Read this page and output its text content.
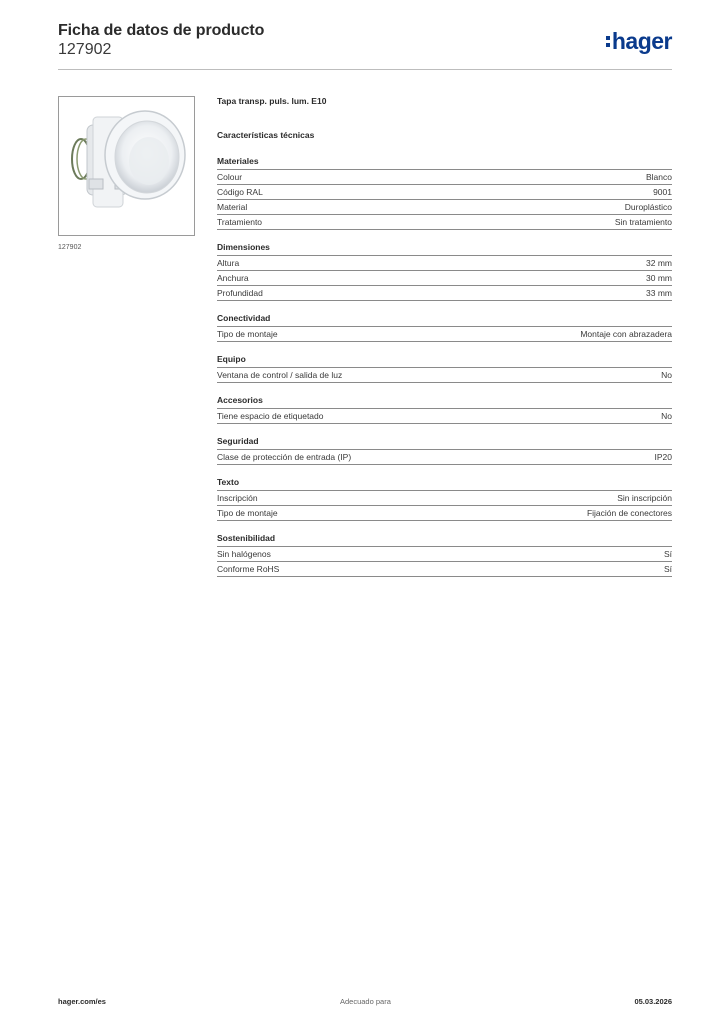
Ficha de datos de producto
127902	hager
127902
Tapa transp. puls. lum. E10
Características técnicas
Materiales
Colour	Blanco
Código RAL	9001
Material	Duroplástico
Tratamiento	Sin tratamiento
Dimensiones
Altura	32 mm
Anchura	30 mm
Profundidad	33 mm
Conectividad
Tipo de montaje	Montaje con abrazadera
Equipo
Ventana de control / salida de luz	No
Accesorios
Tiene espacio de etiquetado	No
Seguridad
Clase de protección de entrada (IP)	IP20
Texto
Inscripción	Sin inscripción
Tipo de montaje	Fijación de conectores
Sostenibilidad
Sin halógenos	Sí
Conforme RoHS	Sí
hager.com/es	Adecuado para	05.03.2026
